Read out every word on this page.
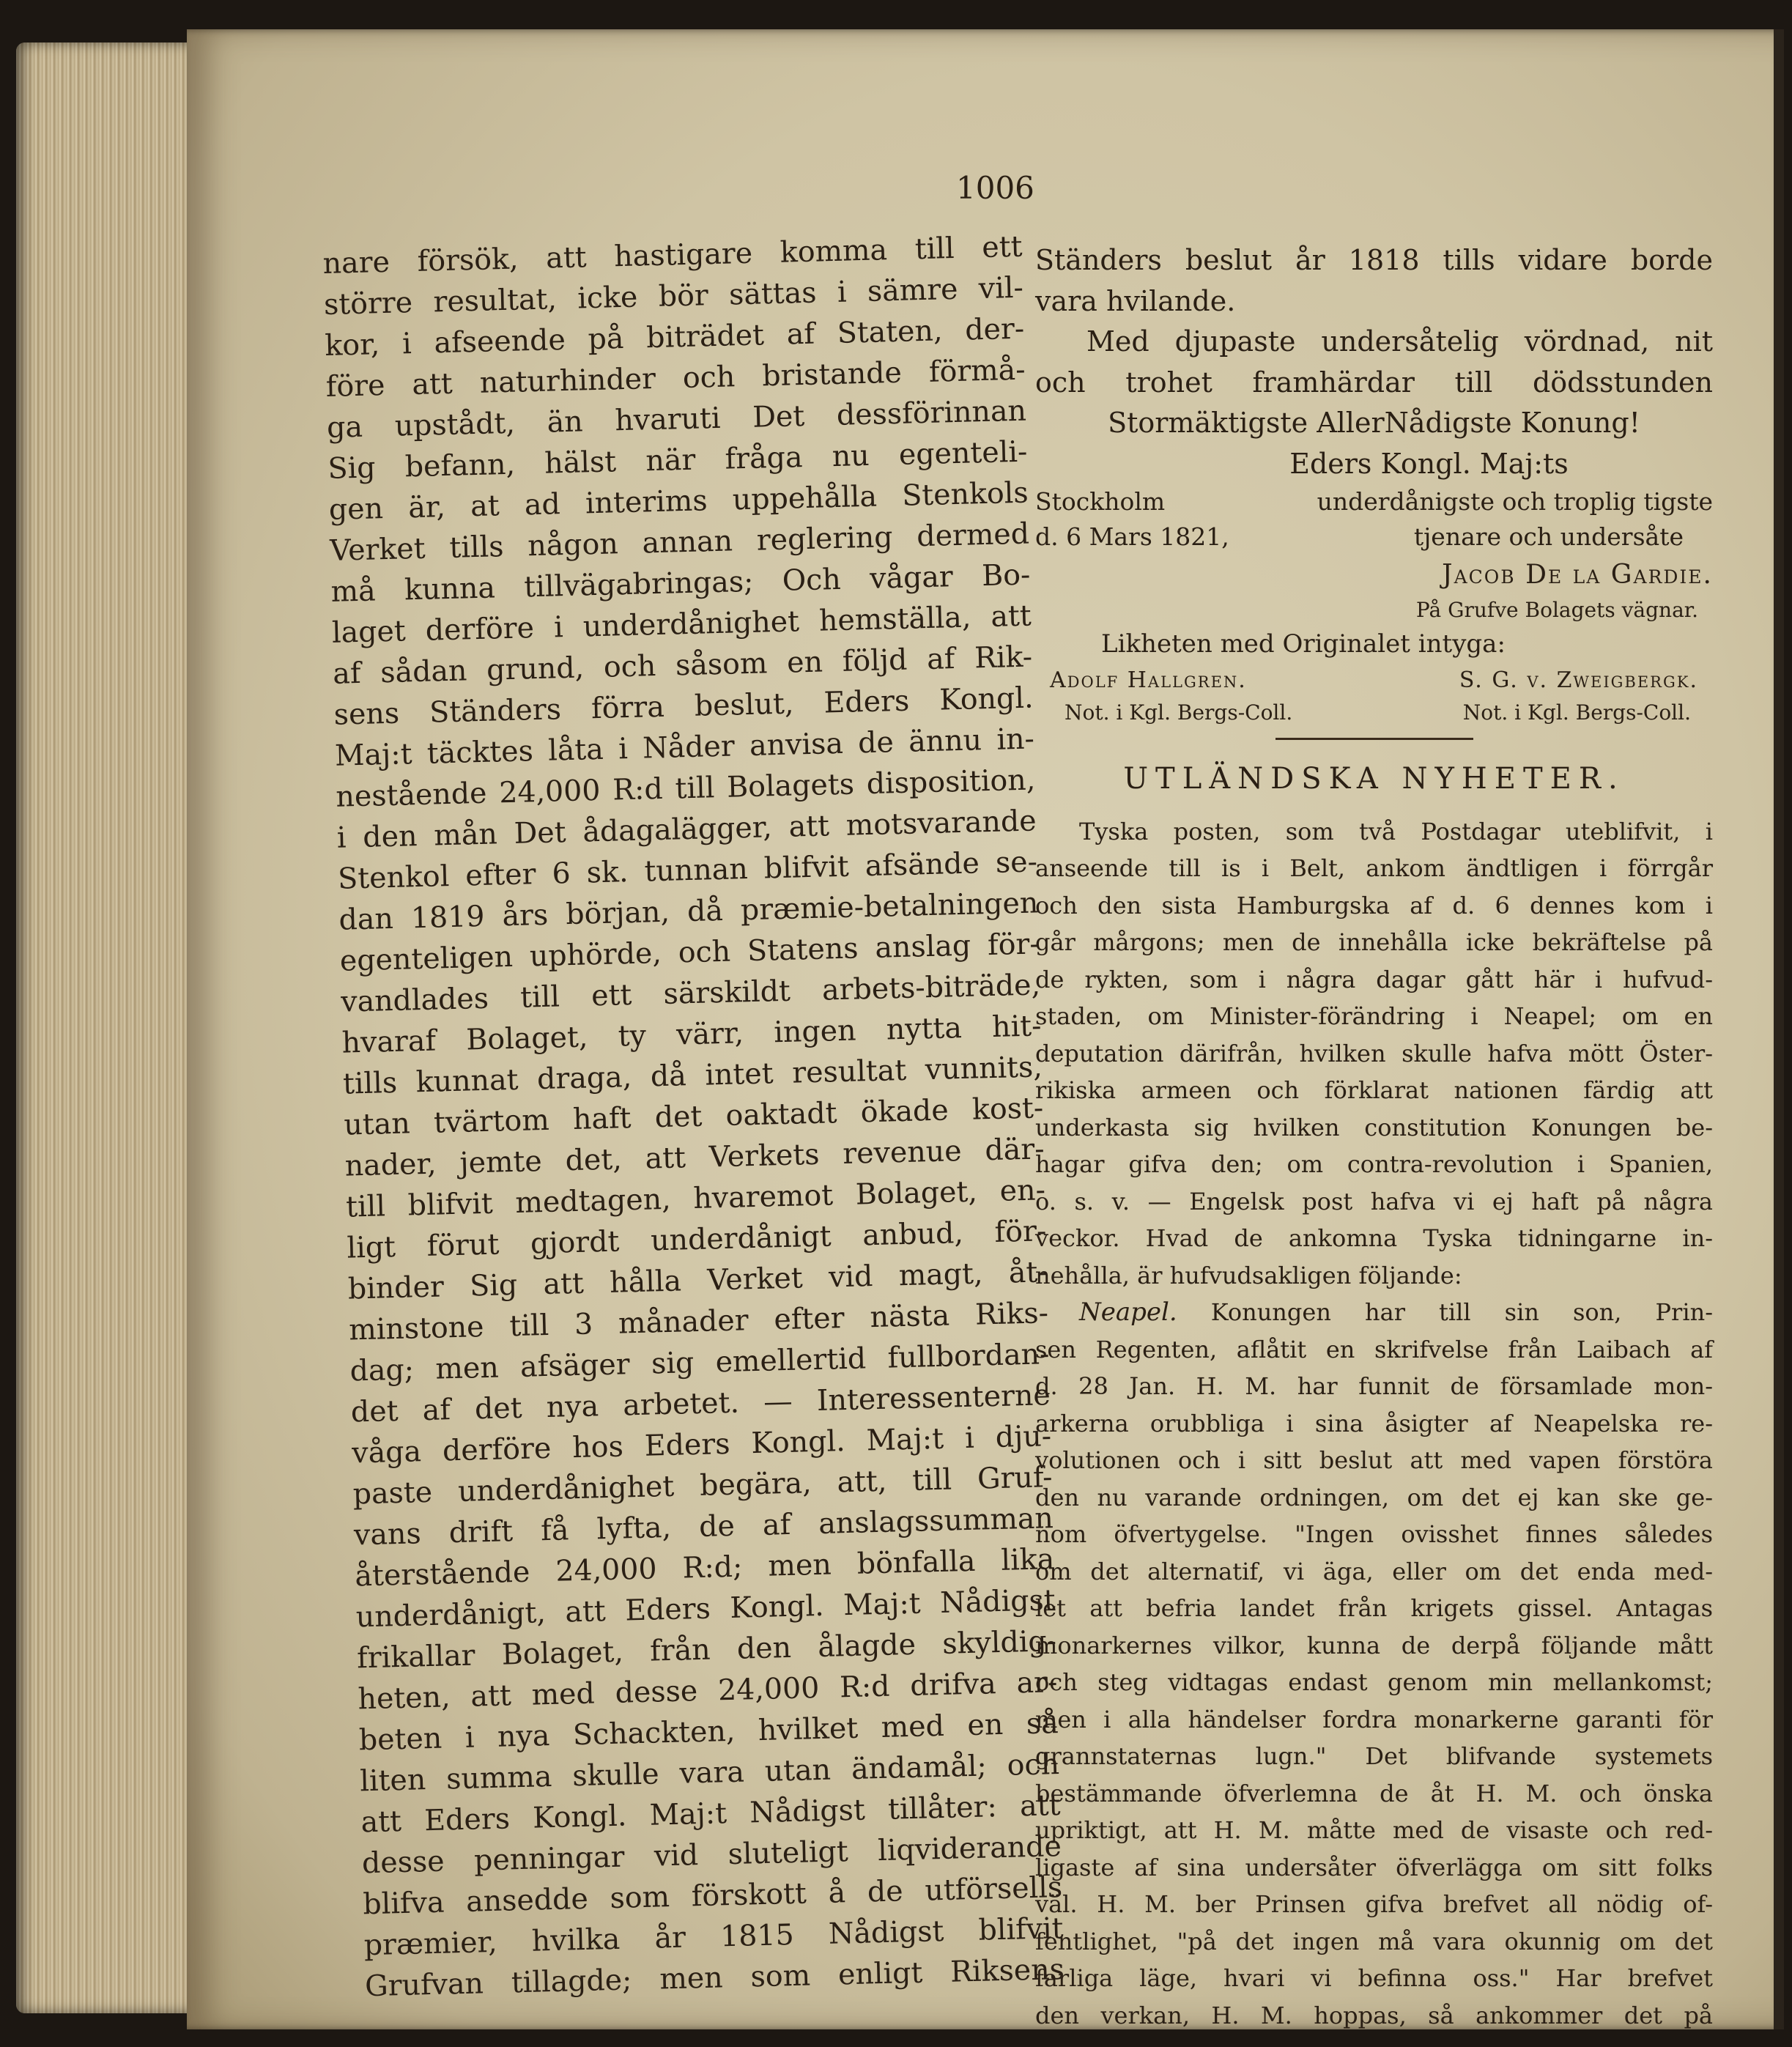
1006

nare försök, att hastigare komma till ett

större resultat, icke bör sättas i sämre vil-

kor, i afseende på biträdet af Staten, der-

före att naturhinder och bristande förmå-

ga upstådt, än hvaruti Det dessförinnan

Sig befann, hälst när fråga nu egenteli-

gen är, at ad interims uppehålla Stenkols

Verket tills någon annan reglering dermed

må kunna tillvägabringas; Och vågar Bo-

laget derföre i underdånighet hemställa, att

af sådan grund, och såsom en följd af Rik-

sens Ständers förra beslut, Eders Kongl.

Maj:t täcktes låta i Nåder anvisa de ännu in-

nestående 24,000 R:d till Bolagets disposition,

i den mån Det ådagalägger, att motsvarande

Stenkol efter 6 sk. tunnan blifvit afsände se-

dan 1819 års början, då præmie-betalningen

egenteligen uphörde, och Statens anslag för-

vandlades till ett särskildt arbets-biträde,

hvaraf Bolaget, ty värr, ingen nytta hit-

tills kunnat draga, då intet resultat vunnits,

utan tvärtom haft det oaktadt ökade kost-

nader, jemte det, att Verkets revenue där-

till blifvit medtagen, hvaremot Bolaget, en-

ligt förut gjordt underdånigt anbud, för-

binder Sig att hålla Verket vid magt, åt-

minstone till 3 månader efter nästa Riks-

dag; men afsäger sig emellertid fullbordan-

det af det nya arbetet. — Interessenterne

våga derföre hos Eders Kongl. Maj:t i dju-

paste underdånighet begära, att, till Gruf-

vans drift få lyfta, de af anslagssumman

återstående 24,000 R:d; men bönfalla lika

underdånigt, att Eders Kongl. Maj:t Nådigst

frikallar Bolaget, från den ålagde skyldig-

heten, att med desse 24,000 R:d drifva ar-

beten i nya Schackten, hvilket med en så

liten summa skulle vara utan ändamål; och

att Eders Kongl. Maj:t Nådigst tillåter: att

desse penningar vid sluteligt liqviderande

blifva ansedde som förskott å de utförsells

præmier, hvilka år 1815 Nådigst blifvit

Grufvan tillagde; men som enligt Riksens

Ständers beslut år 1818 tills vidare borde
vara hvilande.
Med djupaste undersåtelig vördnad, nit
och trohet framhärdar till dödsstunden
Stormäktigste AllerNådigste Konung!
Eders Kongl. Maj:ts
Stockholm	underdånigste och troplig tigste
d. 6 Mars 1821,	tjenare och undersåte
Jacob De la Gardie.
På Grufve Bolagets vägnar.
Likheten med Originalet intyga:
Adolf Hallgren.	S. G. v. Zweigbergk.
Not. i Kgl. Bergs-Coll.	Not. i Kgl. Bergs-Coll.
UTLÄNDSKA NYHETER.
Tyska posten, som två Postdagar uteblifvit, i
anseende till is i Belt, ankom ändtligen i förrgår
och den sista Hamburgska af d. 6 dennes kom i
går mårgons; men de innehålla icke bekräftelse på
de rykten, som i några dagar gått här i hufvud-
staden, om Minister-förändring i Neapel; om en
deputation därifrån, hvilken skulle hafva mött Öster-
rikiska armeen och förklarat nationen färdig att
underkasta sig hvilken constitution Konungen be-
hagar gifva den; om contra-revolution i Spanien,
o. s. v. — Engelsk post hafva vi ej haft på några
veckor. Hvad de ankomna Tyska tidningarne in-
nehålla, är hufvudsakligen följande:
Neapel. Konungen har till sin son, Prin-
sen Regenten, aflåtit en skrifvelse från Laibach af
d. 28 Jan. H. M. har funnit de församlade mon-
arkerna orubbliga i sina åsigter af Neapelska re-
volutionen och i sitt beslut att med vapen förstöra
den nu varande ordningen, om det ej kan ske ge-
nom öfvertygelse. "Ingen ovisshet finnes således
om det alternatif, vi äga, eller om det enda med-
let att befria landet från krigets gissel. Antagas
monarkernes vilkor, kunna de derpå följande mått
och steg vidtagas endast genom min mellankomst;
men i alla händelser fordra monarkerne garanti för
grannstaternas lugn." Det blifvande systemets
bestämmande öfverlemna de åt H. M. och önska
upriktigt, att H. M. måtte med de visaste och red-
ligaste af sina undersåter öfverlägga om sitt folks
väl. H. M. ber Prinsen gifva brefvet all nödig of-
fentlighet, "på det ingen må vara okunnig om det
farliga läge, hvari vi befinna oss." Har brefvet
den verkan, H. M. hoppas, så ankommer det på
